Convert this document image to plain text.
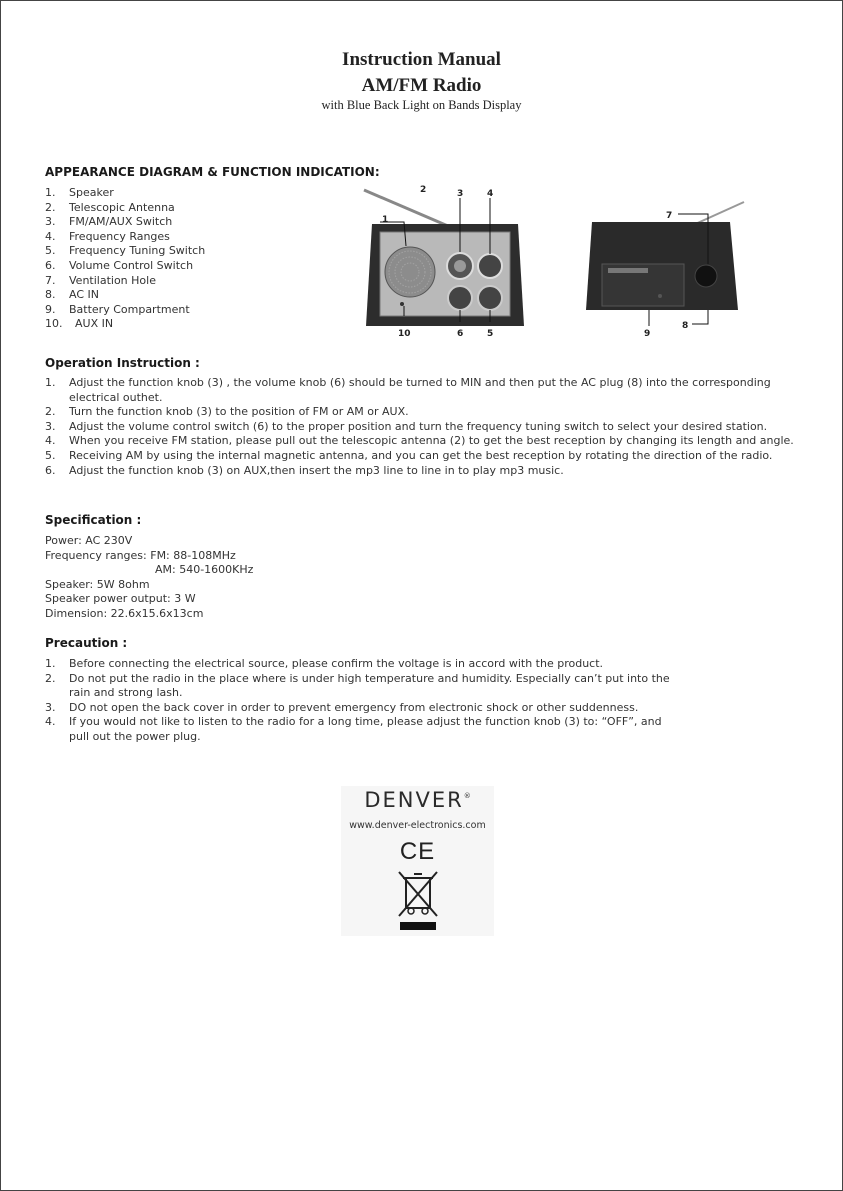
Instruction Manual
AM/FM Radio
with Blue Back Light on Bands Display
APPEARANCE DIAGRAM & FUNCTION INDICATION:
1. Speaker
2. Telescopic Antenna
3. FM/AM/AUX Switch
4. Frequency Ranges
5. Frequency Tuning Switch
6. Volume Control Switch
7. Ventilation Hole
8. AC IN
9. Battery Compartment
10. AUX IN
1
2	3	4
10	6	5
7
9
8
Operation Instruction :
1. Adjust the function knob (3) , the volume knob (6) should be turned to MIN and then put the AC plug (8) into the corresponding electrical outhet.
2. Turn the function knob (3) to the position of FM or AM or AUX.
3. Adjust the volume control switch (6) to the proper position and turn the frequency tuning switch to select your desired station.
4. When you receive FM station, please pull out the telescopic antenna (2) to get the best reception by changing its length and angle.
5. Receiving AM by using the internal magnetic antenna, and you can get the best reception by rotating the direction of the radio.
6. Adjust the function knob (3) on AUX,then insert the mp3 line to line in to play mp3 music.
Specification :
Power: AC 230V
Frequency ranges: FM: 88-108MHz
AM: 540-1600KHz
Speaker: 5W 8ohm
Speaker power output: 3 W
Dimension: 22.6x15.6x13cm
Precaution :
1. Before connecting the electrical source, please confirm the voltage is in accord with the product.
2. Do not put the radio in the place where is under high temperature and humidity. Especially can’t put into the rain and strong lash.
3. DO not open the back cover in order to prevent emergency from electronic shock or other suddenness.
4. If you would not like to listen to the radio for a long time, please adjust the function knob (3) to: “OFF”, and pull out the power plug.
DENVER®
www.denver-electronics.com
CE
